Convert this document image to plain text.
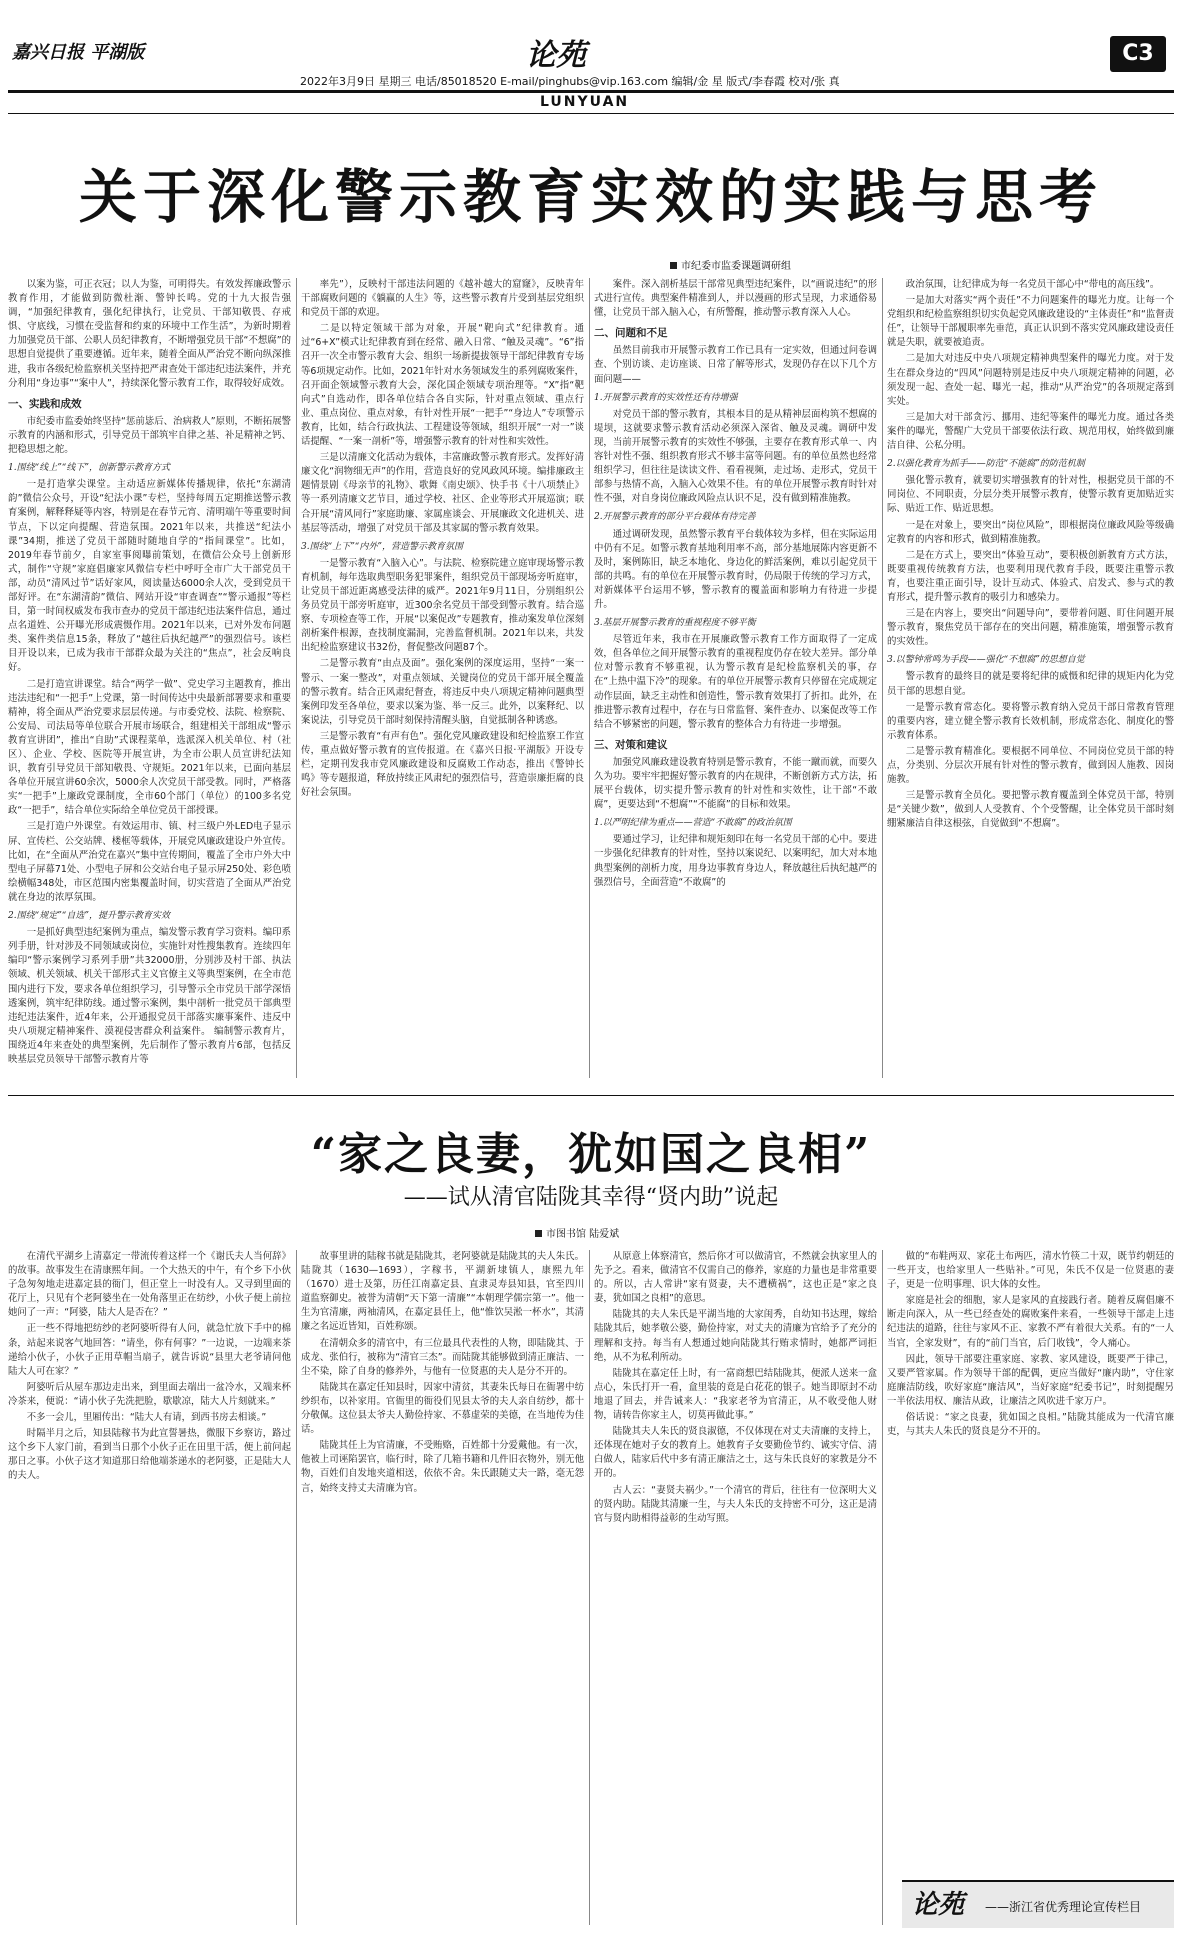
嘉兴日报 平湖版	论苑	C3
2022年3月9日 星期三 电话/85018520 E-mail/pinghubs@vip.163.com 编辑/金 星 版式/李春霞 校对/张 真
LUNYUAN
关于深化警示教育实效的实践与思考
市纪委市监委课题调研组

以案为鉴，可正衣冠；以人为鉴，可明得失。有效发挥廉政警示教育作用，才能做到防微杜渐、警钟长鸣。党的十九大报告强调，“加强纪律教育，强化纪律执行，让党员、干部知敬畏、存戒惧、守底线，习惯在受监督和约束的环境中工作生活”，为新时期着力加强党员干部、公职人员纪律教育，不断增强党员干部“不想腐”的思想自觉提供了重要遵循。近年来，随着全面从严治党不断向纵深推进，我市各级纪检监察机关坚持把严肃查处干部违纪违法案件，并充分利用“身边事”“案中人”，持续深化警示教育工作，取得较好成效。

一、实践和成效

市纪委市监委始终坚持“惩前毖后、治病救人”原则，不断拓展警示教育的内涵和形式，引导党员干部筑牢自律之基、补足精神之钙、把稳思想之舵。

1.围绕“线上”“线下”，创新警示教育方式

一是打造掌尖课堂。主动适应新媒体传播规律，依托“东湖清韵”微信公众号，开设“纪法小课”专栏，坚持每周五定期推送警示教育案例，解释释疑等内容，特别是在春节元宵、清明端午等重要时间节点，下以定向提醒、营造氛围。2021年以来，共推送“纪法小课”34期，推送了党员干部随时随地自学的“指间课堂”。比如，2019年春节前夕，自家室事阅曝前策划，在微信公众号上创新形式，制作“守规”家庭倡廉家风微信专栏中呼吁全市广大干部党员干部，动员“清风过节”话好家风，阅读量达6000余人次，受到党员干部好评。在“东湖清韵”微信、网站开设“审查调查”“警示通报”等栏目，第一时间权威发布我市查办的党员干部违纪违法案件信息，通过点名道姓、公开曝光形成震慑作用。2021年以来，已对外发布问题类、案件类信息15条，释放了“越往后执纪越严”的强烈信号。该栏目开设以来，已成为我市干部群众最为关注的“焦点”，社会反响良好。

二是打造宣讲课堂。结合“两学一做”、党史学习主题教育，推出违法违纪和“一把手”上党课，第一时间传达中央最新部署要求和重要精神，将全面从严治党要求层层传递。与市委党校、法院、检察院、公安局、司法局等单位联合开展市场联合，组建相关干部组成“警示教育宣讲团”，推出“自助”式课程菜单，选派深入机关单位、村（社区）、企业、学校、医院等开展宣讲，为全市公职人员宣讲纪法知识，教育引导党员干部知敬畏、守规矩。2021年以来，已面向基层各单位开展宣讲60余次，5000余人次党员干部受教。同时，严格落实“一把手”上廉政党课制度，全市60个部门（单位）的100多名党政“一把手”，结合单位实际给全单位党员干部授课。

三是打造户外课堂。有效运用市、镇、村三级户外LED电子显示屏、宣传栏、公交站牌、楼框等载体，开展党风廉政建设户外宣传。比如，在“全面从严治党在嘉兴”集中宣传期间，覆盖了全市户外大中型电子屏幕71处、小型电子屏和公交站台电子显示屏250处、彩色喷绘横幅348处，市区范围内密集覆盖时间，切实营造了全面从严治党就在身边的浓厚氛围。

2.围绕“规定”“自选”，提升警示教育实效

一是抓好典型违纪案例为重点，编发警示教育学习资料。编印系列手册，针对涉及不同领域或岗位，实施针对性搜集教育。连续四年编印“警示案例学习系列手册”共32000册，分别涉及村干部、执法领域、机关领域、机关干部形式主义官僚主义等典型案例，在全市范围内进行下发，要求各单位组织学习，引导警示全市党员干部学深悟透案例，筑牢纪律防线。通过警示案例，集中剖析一批党员干部典型违纪违法案件，近4年来，公开通报党员干部落实廉事案件、违反中央八项规定精神案件、漠视侵害群众利益案件。 编制警示教育片，围绕近4年来查处的典型案例，先后制作了警示教育片6部，包括反映基层党员领导干部警示教育片等

率先”），反映村干部违法问题的《越补越大的窟窿》，反映青年干部腐败问题的《躺赢的人生》等，这些警示教育片受到基层党组织和党员干部的欢迎。

二是以特定领域干部为对象，开展“靶向式”纪律教育。通过“6+X”模式让纪律教育到在经常、融入日常、“触及灵魂”。“6”指召开一次全市警示教育大会、组织一场新提拔领导干部纪律教育专场等6项规定动作。比如，2021年针对水务领域发生的系列腐败案件，召开面企领域警示教育大会，深化国企领域专项治理等。“X”指“靶向式”自选动作，即各单位结合各自实际，针对重点领域、重点行业、重点岗位、重点对象，有针对性开展“一把手”“身边人”专项警示教育，比如，结合行政执法、工程建设等领域，组织开展“一对一”谈话提醒、“一案一剖析”等，增强警示教育的针对性和实效性。

三是以清廉文化活动为载体，丰富廉政警示教育形式。发挥好清廉文化“润物细无声”的作用，营造良好的党风政风环境。编排廉政主题情景剧《母亲节的礼物》、歌舞《南史颂》、快手书《十八项禁止》等一系列清廉文艺节目，通过学校、社区、企业等形式开展巡演；联合开展“清风同行”家庭助廉、家属座谈会、开展廉政文化进机关、进基层等活动，增强了对党员干部及其家属的警示教育效果。

3.围绕“上下”“内外”，营造警示教育氛围

一是警示教育“入脑入心”。与法院、检察院建立庭审现场警示教育机制，每年选取典型职务犯罪案件，组织党员干部现场旁听庭审，让党员干部近距离感受法律的威严。2021年9月11日，分别组织公务员党员干部旁听庭审，近300余名党员干部受到警示教育。结合巡察、专项检查等工作，开展“以案促改”专题教育，推动案发单位深刻剖析案件根源，查找制度漏洞，完善监督机制。2021年以来，共发出纪检监察建议书32份，督促整改问题87个。

二是警示教育“由点及面”。强化案例的深度运用，坚持“一案一警示、一案一整改”，对重点领域、关键岗位的党员干部开展全覆盖的警示教育。结合正风肃纪督查，将违反中央八项规定精神问题典型案例印发至各单位，要求以案为鉴、举一反三。此外，以案释纪、以案说法，引导党员干部时刻保持清醒头脑，自觉抵制各种诱惑。

三是警示教育“有声有色”。强化党风廉政建设和纪检监察工作宣传，重点做好警示教育的宣传报道。在《嘉兴日报·平湖版》开设专栏，定期刊发我市党风廉政建设和反腐败工作动态，推出《警钟长鸣》等专题报道，释放持续正风肃纪的强烈信号，营造崇廉拒腐的良好社会氛围。

案件。深入剖析基层干部常见典型违纪案件，以“画说违纪”的形式进行宣传。典型案件精准到人，并以漫画的形式呈现，力求通俗易懂，让党员干部入脑入心，有所警醒，推动警示教育深入人心。

二、问题和不足

虽然目前我市开展警示教育工作已具有一定实效，但通过问卷调查、个别访谈、走访座谈、日常了解等形式，发现仍存在以下几个方面问题——

1.开展警示教育的实效性还有待增强

对党员干部的警示教育，其根本目的是从精神层面构筑不想腐的堤坝，这就要求警示教育活动必须深入深省、触及灵魂。调研中发现，当前开展警示教育的实效性不够强，主要存在教育形式单一、内容针对性不强、组织教育形式不够丰富等问题。有的单位虽然也经常组织学习，但往往是读读文件、看看视频，走过场、走形式，党员干部参与热情不高，入脑入心效果不佳。有的单位开展警示教育时针对性不强，对自身岗位廉政风险点认识不足，没有做到精准施教。

2.开展警示教育的部分平台载体有待完善

通过调研发现，虽然警示教育平台载体较为多样，但在实际运用中仍有不足。如警示教育基地利用率不高，部分基地展陈内容更新不及时，案例陈旧，缺乏本地化、身边化的鲜活案例，难以引起党员干部的共鸣。有的单位在开展警示教育时，仍局限于传统的学习方式，对新媒体平台运用不够，警示教育的覆盖面和影响力有待进一步提升。

3.基层开展警示教育的重视程度不够平衡

尽管近年来，我市在开展廉政警示教育工作方面取得了一定成效，但各单位之间开展警示教育的重视程度仍存在较大差异。部分单位对警示教育不够重视，认为警示教育是纪检监察机关的事，存在“上热中温下冷”的现象。有的单位开展警示教育只停留在完成规定动作层面，缺乏主动性和创造性，警示教育效果打了折扣。此外，在推进警示教育过程中，存在与日常监督、案件查办、以案促改等工作结合不够紧密的问题，警示教育的整体合力有待进一步增强。

三、对策和建议

加强党风廉政建设教育特别是警示教育，不能一蹴而就，而要久久为功。要牢牢把握好警示教育的内在规律，不断创新方式方法，拓展平台载体，切实提升警示教育的针对性和实效性，让干部“不敢腐”，更要达到“不想腐”“不能腐”的目标和效果。

1.以严明纪律为重点——营造“不敢腐”的政治氛围

要通过学习，让纪律和规矩刻印在每一名党员干部的心中。要进一步强化纪律教育的针对性，坚持以案说纪、以案明纪，加大对本地典型案例的剖析力度，用身边事教育身边人，释放越往后执纪越严的强烈信号，全面营造“不敢腐”的

政治氛围，让纪律成为每一名党员干部心中“带电的高压线”。

一是加大对落实“两个责任”不力问题案件的曝光力度。让每一个党组织和纪检监察组织切实负起党风廉政建设的“主体责任”和“监督责任”，让领导干部履职率先垂范，真正认识到不落实党风廉政建设责任就是失职，就要被追责。

二是加大对违反中央八项规定精神典型案件的曝光力度。对于发生在群众身边的“四风”问题特别是违反中央八项规定精神的问题，必须发现一起、查处一起、曝光一起，推动“从严治党”的各项规定落到实处。

三是加大对干部贪污、挪用、违纪等案件的曝光力度。通过各类案件的曝光，警醒广大党员干部要依法行政、规范用权，始终做到廉洁自律、公私分明。

2.以强化教育为抓手——防范“不能腐”的防范机制

强化警示教育，就要切实增强教育的针对性，根据党员干部的不同岗位、不同职责，分层分类开展警示教育，使警示教育更加贴近实际、贴近工作、贴近思想。

一是在对象上，要突出“岗位风险”，即根据岗位廉政风险等级确定教育的内容和形式，做到精准施教。

二是在方式上，要突出“体验互动”，要积极创新教育方式方法，既要重视传统教育方法，也要利用现代教育手段，既要注重警示教育，也要注重正面引导，设计互动式、体验式、启发式、参与式的教育形式，提升警示教育的吸引力和感染力。

三是在内容上，要突出“问题导向”，要带着问题、盯住问题开展警示教育，聚焦党员干部存在的突出问题，精准施策，增强警示教育的实效性。

3.以警钟常鸣为手段——强化“不想腐”的思想自觉

警示教育的最终目的就是要将纪律的威慑和纪律的规矩内化为党员干部的思想自觉。

一是警示教育常态化。要将警示教育纳入党员干部日常教育管理的重要内容，建立健全警示教育长效机制，形成常态化、制度化的警示教育体系。

二是警示教育精准化。要根据不同单位、不同岗位党员干部的特点，分类别、分层次开展有针对性的警示教育，做到因人施教、因岗施教。

三是警示教育全员化。要把警示教育覆盖到全体党员干部，特别是“关键少数”，做到人人受教育、个个受警醒，让全体党员干部时刻绷紧廉洁自律这根弦，自觉做到“不想腐”。

“家之良妻，犹如国之良相”
——试从清官陆陇其幸得“贤内助”说起
市图书馆 陆爱斌

在清代平湖乡上清嘉定一带流传着这样一个《谢氏夫人当何辞》的故事。故事发生在清康熙年间。一个大热天的中午，有个乡下小伙子急匆匆地走进嘉定县的衙门，但正堂上一时没有人。又寻到里面的花厅上，只见有个老阿婆坐在一处角落里正在纺纱，小伙子便上前拉她问了一声：“阿婆，陆大人是否在？”

正一些不得地把纺纱的老阿婆听得有人问，就急忙放下手中的棉条，站起来说客气地回答：“请坐，你有何事？”一边说，一边端来茶递给小伙子，小伙子正用草帽当扇子，就告诉说“县里大老爷请问他陆大人可在家？”

阿婆听后从屋车那边走出来，到里面去端出一盆冷水，又端来杯冷茶来，便说：“请小伙子先洗把脸，歇歇凉，陆大人片刻就来。”

不多一会儿，里厢传出：“陆大人有请，到西书房去相谈。”

时隔半月之后，知县陆稼书为此宣誓暑热，微服下乡察访，路过这个乡下人家门前，看到当日那个小伙子正在田里干活，便上前问起那日之事。小伙子这才知道那日给他端茶递水的老阿婆，正是陆大人的夫人。

故事里讲的陆稼书就是陆陇其，老阿婆就是陆陇其的夫人朱氏。陆陇其（1630—1693），字稼书，平湖新埭镇人，康熙九年（1670）进士及第，历任江南嘉定县、直隶灵寿县知县，官至四川道监察御史。被誉为清朝“天下第一清廉”“本朝理学儒宗第一”。他一生为官清廉，两袖清风，在嘉定县任上，他“惟饮吴淞一杯水”，其清廉之名远近皆知，百姓称颂。

在清朝众多的清官中，有三位最具代表性的人物，即陆陇其、于成龙、张伯行，被称为“清官三杰”。而陆陇其能够做到清正廉洁、一尘不染，除了自身的修养外，与他有一位贤惠的夫人是分不开的。

陆陇其在嘉定任知县时，因家中清贫，其妻朱氏每日在衙署中纺纱织布，以补家用。官衙里的衙役们见县太爷的夫人亲自纺纱，都十分敬佩。这位县太爷夫人勤俭持家、不慕虚荣的美德，在当地传为佳话。

陆陇其任上为官清廉，不受贿赂，百姓都十分爱戴他。有一次，他被上司诬陷罢官，临行时，除了几箱书籍和几件旧衣物外，别无他物，百姓们自发地夹道相送，依依不舍。朱氏跟随丈夫一路，毫无怨言，始终支持丈夫清廉为官。

从原意上体察清官，然后你才可以做清官，不然就会执家里人的先予之。看来，做清官不仅需自己的修养，家庭的力量也是非常重要的。所以，古人常讲“家有贤妻，夫不遭横祸”，这也正是“家之良妻，犹如国之良相”的意思。

陆陇其的夫人朱氏是平湖当地的大家闺秀，自幼知书达理，嫁给陆陇其后，她孝敬公婆，勤俭持家，对丈夫的清廉为官给予了充分的理解和支持。每当有人想通过她向陆陇其行贿求情时，她都严词拒绝，从不为私利所动。

陆陇其在嘉定任上时，有一富商想巴结陆陇其，便派人送来一盒点心，朱氏打开一看，盒里装的竟是白花花的银子。她当即原封不动地退了回去，并告诫来人：“我家老爷为官清正，从不收受他人财物，请转告你家主人，切莫再做此事。”

陆陇其夫人朱氏的贤良淑德，不仅体现在对丈夫清廉的支持上，还体现在她对子女的教育上。她教育子女要勤俭节约、诚实守信、清白做人，陆家后代中多有清正廉洁之士，这与朱氏良好的家教是分不开的。

古人云：“妻贤夫祸少。”一个清官的背后，往往有一位深明大义的贤内助。陆陇其清廉一生，与夫人朱氏的支持密不可分，这正是清官与贤内助相得益彰的生动写照。

做的“布鞋两双、家花土布两匹，清水竹筷二十双，既节约朝廷的一些开支，也给家里人一些贴补。”可见，朱氏不仅是一位贤惠的妻子，更是一位明事理、识大体的女性。

家庭是社会的细胞，家人是家风的直接践行者。随着反腐倡廉不断走向深入，从一些已经查处的腐败案件来看，一些领导干部走上违纪违法的道路，往往与家风不正、家教不严有着很大关系。有的“一人当官，全家发财”，有的“前门当官，后门收钱”，令人痛心。

因此，领导干部要注重家庭、家教、家风建设，既要严于律己，又要严管家属。作为领导干部的配偶，更应当做好“廉内助”，守住家庭廉洁防线，吹好家庭“廉洁风”，当好家庭“纪委书记”，时刻提醒另一半依法用权、廉洁从政，让廉洁之风吹进千家万户。

俗话说：“家之良妻，犹如国之良相。”陆陇其能成为一代清官廉吏，与其夫人朱氏的贤良是分不开的。

论苑 ——浙江省优秀理论宣传栏目
